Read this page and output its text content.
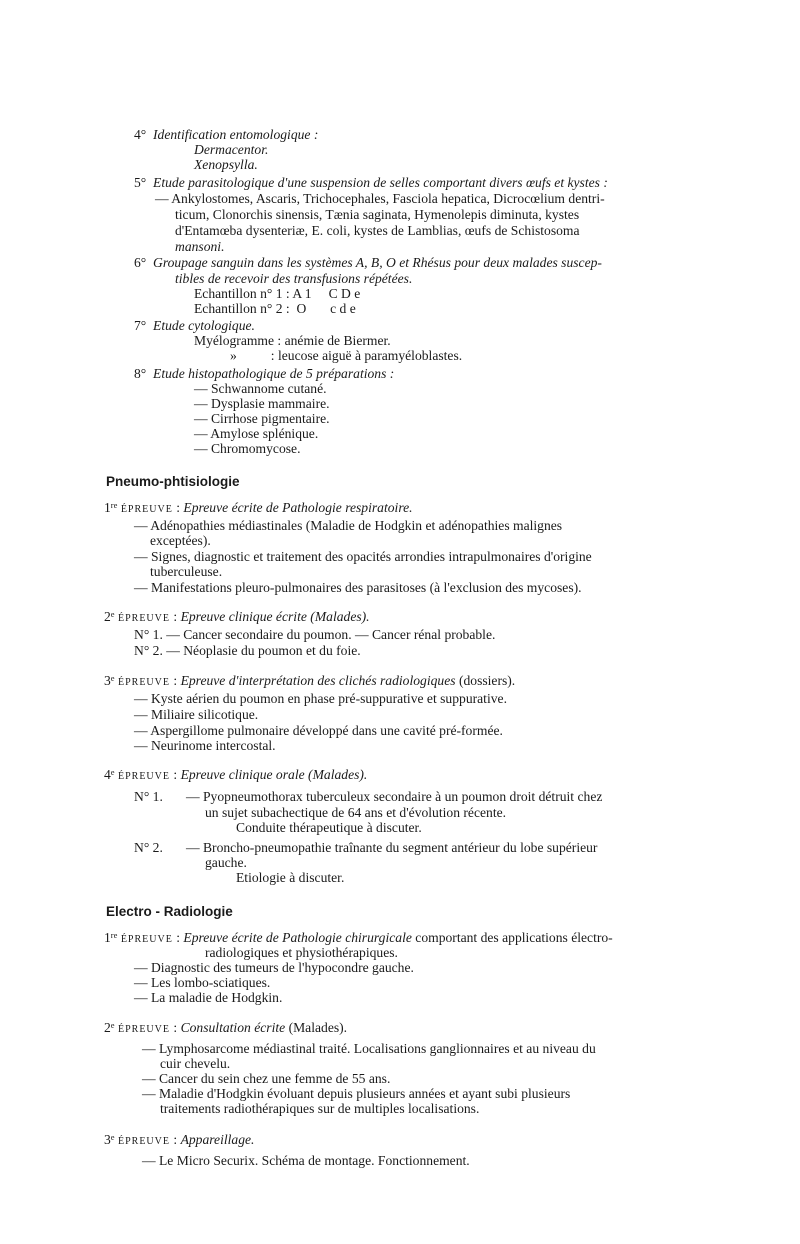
4° Identification entomologique :
Dermacentor.
Xenopsylla.
5° Etude parasitologique d'une suspension de selles comportant divers œufs et kystes :
— Ankylostomes, Ascaris, Trichocephales, Fasciola hepatica, Dicrocœlium dentri-
ticum, Clonorchis sinensis, Tænia saginata, Hymenolepis diminuta, kystes
d'Entamœba dysenteriæ, E. coli, kystes de Lamblias, œufs de Schistosoma
mansoni.
6° Groupage sanguin dans les systèmes A, B, O et Rhésus pour deux malades suscep-
tibles de recevoir des transfusions répétées.
Echantillon n° 1 : A 1     C D e
Echantillon n° 2 :  O       c d e
7° Etude cytologique.
Myélogramme : anémie de Biermer.
»          : leucose aiguë à paramyéloblastes.
8° Etude histopathologique de 5 préparations :
— Schwannome cutané.
— Dysplasie mammaire.
— Cirrhose pigmentaire.
— Amylose splénique.
— Chromomycose.
Pneumo-phtisiologie
1re ÉPREUVE : Epreuve écrite de Pathologie respiratoire.
— Adénopathies médiastinales (Maladie de Hodgkin et adénopathies malignes
exceptées).
— Signes, diagnostic et traitement des opacités arrondies intrapulmonaires d'origine
tuberculeuse.
— Manifestations pleuro-pulmonaires des parasitoses (à l'exclusion des mycoses).
2e ÉPREUVE : Epreuve clinique écrite (Malades).
N° 1. — Cancer secondaire du poumon. — Cancer rénal probable.
N° 2. — Néoplasie du poumon et du foie.
3e ÉPREUVE : Epreuve d'interprétation des clichés radiologiques (dossiers).
— Kyste aérien du poumon en phase pré-suppurative et suppurative.
— Miliaire silicotique.
— Aspergillome pulmonaire développé dans une cavité pré-formée.
— Neurinome intercostal.
4e ÉPREUVE : Epreuve clinique orale (Malades).
N° 1. — Pyopneumothorax tuberculeux secondaire à un poumon droit détruit chez
un sujet subachectique de 64 ans et d'évolution récente.
Conduite thérapeutique à discuter.
N° 2. — Broncho-pneumopathie traînante du segment antérieur du lobe supérieur
gauche.
Etiologie à discuter.
Electro - Radiologie
1re ÉPREUVE : Epreuve écrite de Pathologie chirurgicale comportant des applications électro-
radiologiques et physiothérapiques.
— Diagnostic des tumeurs de l'hypocondre gauche.
— Les lombo-sciatiques.
— La maladie de Hodgkin.
2e ÉPREUVE : Consultation écrite (Malades).
— Lymphosarcome médiastinal traité. Localisations ganglionnaires et au niveau du
cuir chevelu.
— Cancer du sein chez une femme de 55 ans.
— Maladie d'Hodgkin évoluant depuis plusieurs années et ayant subi plusieurs
traitements radiothérapiques sur de multiples localisations.
3e ÉPREUVE : Appareillage.
— Le Micro Securix. Schéma de montage. Fonctionnement.
